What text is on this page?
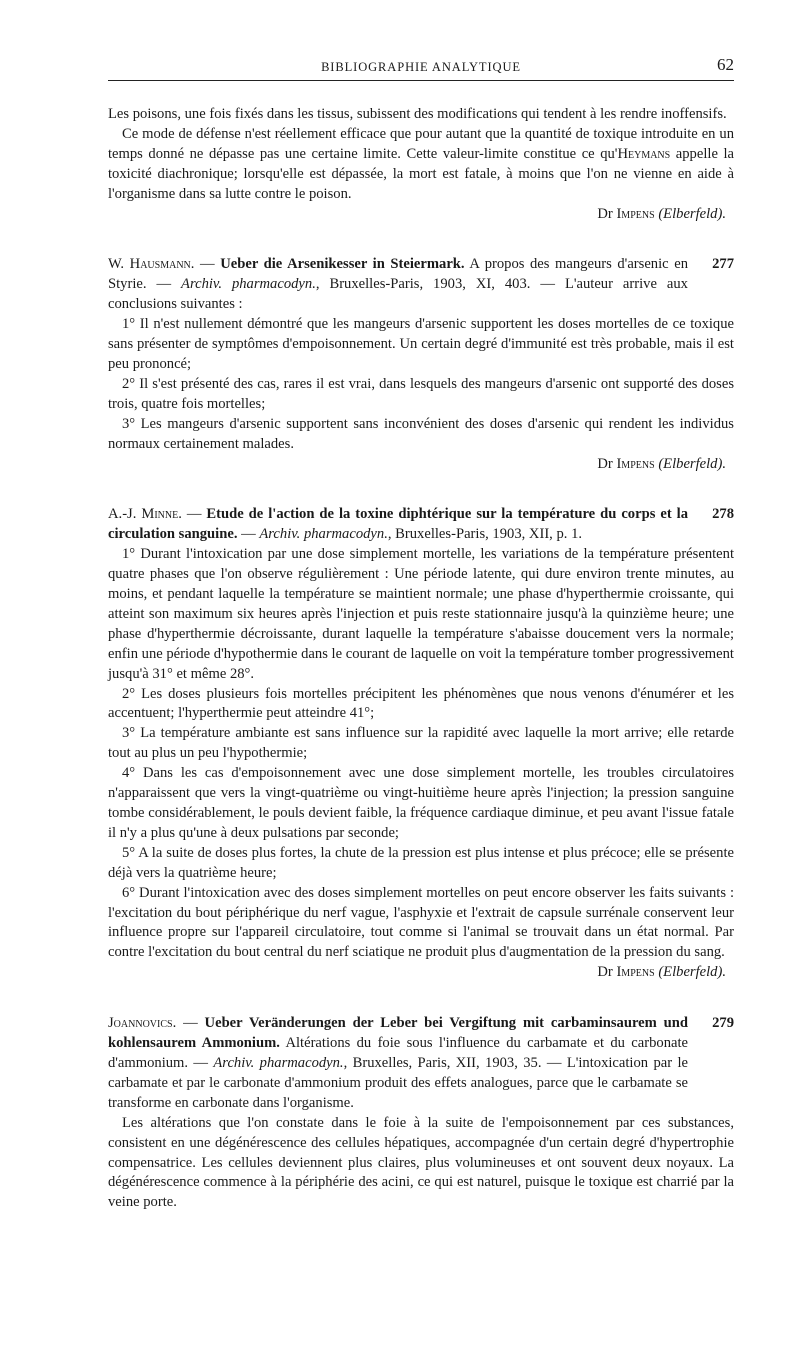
BIBLIOGRAPHIE ANALYTIQUE	62

Les poisons, une fois fixés dans les tissus, subissent des modifications qui tendent à les rendre inoffensifs.

Ce mode de défense n'est réellement efficace que pour autant que la quantité de toxique introduite en un temps donné ne dépasse pas une certaine limite. Cette valeur-limite constitue ce qu'Heymans appelle la toxicité diachronique; lorsqu'elle est dépassée, la mort est fatale, à moins que l'on ne vienne en aide à l'organisme dans sa lutte contre le poison.

Dr Impens (Elberfeld).

277
W. Hausmann. — Ueber die Arsenikesser in Steiermark. A propos des mangeurs d'arsenic en Styrie. — Archiv. pharmacodyn., Bruxelles-Paris, 1903, XI, 403. — L'auteur arrive aux conclusions suivantes :

1° Il n'est nullement démontré que les mangeurs d'arsenic supportent les doses mortelles de ce toxique sans présenter de symptômes d'empoisonnement. Un certain degré d'immunité est très probable, mais il est peu prononcé;

2° Il s'est présenté des cas, rares il est vrai, dans lesquels des mangeurs d'arsenic ont supporté des doses trois, quatre fois mortelles;

3° Les mangeurs d'arsenic supportent sans inconvénient des doses d'arsenic qui rendent les individus normaux certainement malades.

Dr Impens (Elberfeld).

278
A.-J. Minne. — Etude de l'action de la toxine diphtérique sur la température du corps et la circulation sanguine. — Archiv. pharmacodyn., Bruxelles-Paris, 1903, XII, p. 1.

1° Durant l'intoxication par une dose simplement mortelle, les variations de la température présentent quatre phases que l'on observe régulièrement : Une période latente, qui dure environ trente minutes, au moins, et pendant laquelle la température se maintient normale; une phase d'hyperthermie croissante, qui atteint son maximum six heures après l'injection et puis reste stationnaire jusqu'à la quinzième heure; une phase d'hyperthermie décroissante, durant laquelle la température s'abaisse doucement vers la normale; enfin une période d'hypothermie dans le courant de laquelle on voit la température tomber progressivement jusqu'à 31° et même 28°.

2° Les doses plusieurs fois mortelles précipitent les phénomènes que nous venons d'énumérer et les accentuent; l'hyperthermie peut atteindre 41°;

3° La température ambiante est sans influence sur la rapidité avec laquelle la mort arrive; elle retarde tout au plus un peu l'hypothermie;

4° Dans les cas d'empoisonnement avec une dose simplement mortelle, les troubles circulatoires n'apparaissent que vers la vingt-quatrième ou vingt-huitième heure après l'injection; la pression sanguine tombe considérablement, le pouls devient faible, la fréquence cardiaque diminue, et peu avant l'issue fatale il n'y a plus qu'une à deux pulsations par seconde;

5° A la suite de doses plus fortes, la chute de la pression est plus intense et plus précoce; elle se présente déjà vers la quatrième heure;

6° Durant l'intoxication avec des doses simplement mortelles on peut encore observer les faits suivants : l'excitation du bout périphérique du nerf vague, l'asphyxie et l'extrait de capsule surrénale conservent leur influence propre sur l'appareil circulatoire, tout comme si l'animal se trouvait dans un état normal. Par contre l'excitation du bout central du nerf sciatique ne produit plus d'augmentation de la pression du sang.

Dr Impens (Elberfeld).

279
Joannovics. — Ueber Veränderungen der Leber bei Vergiftung mit carbaminsaurem und kohlensaurem Ammonium. Altérations du foie sous l'influence du carbamate et du carbonate d'ammonium. — Archiv. pharmacodyn., Bruxelles, Paris, XII, 1903, 35. — L'intoxication par le carbamate et par le carbonate d'ammonium produit des effets analogues, parce que le carbamate se transforme en carbonate dans l'organisme.

Les altérations que l'on constate dans le foie à la suite de l'empoisonnement par ces substances, consistent en une dégénérescence des cellules hépatiques, accompagnée d'un certain degré d'hypertrophie compensatrice. Les cellules deviennent plus claires, plus volumineuses et ont souvent deux noyaux. La dégénérescence commence à la périphérie des acini, ce qui est naturel, puisque le toxique est charrié par la veine porte.
